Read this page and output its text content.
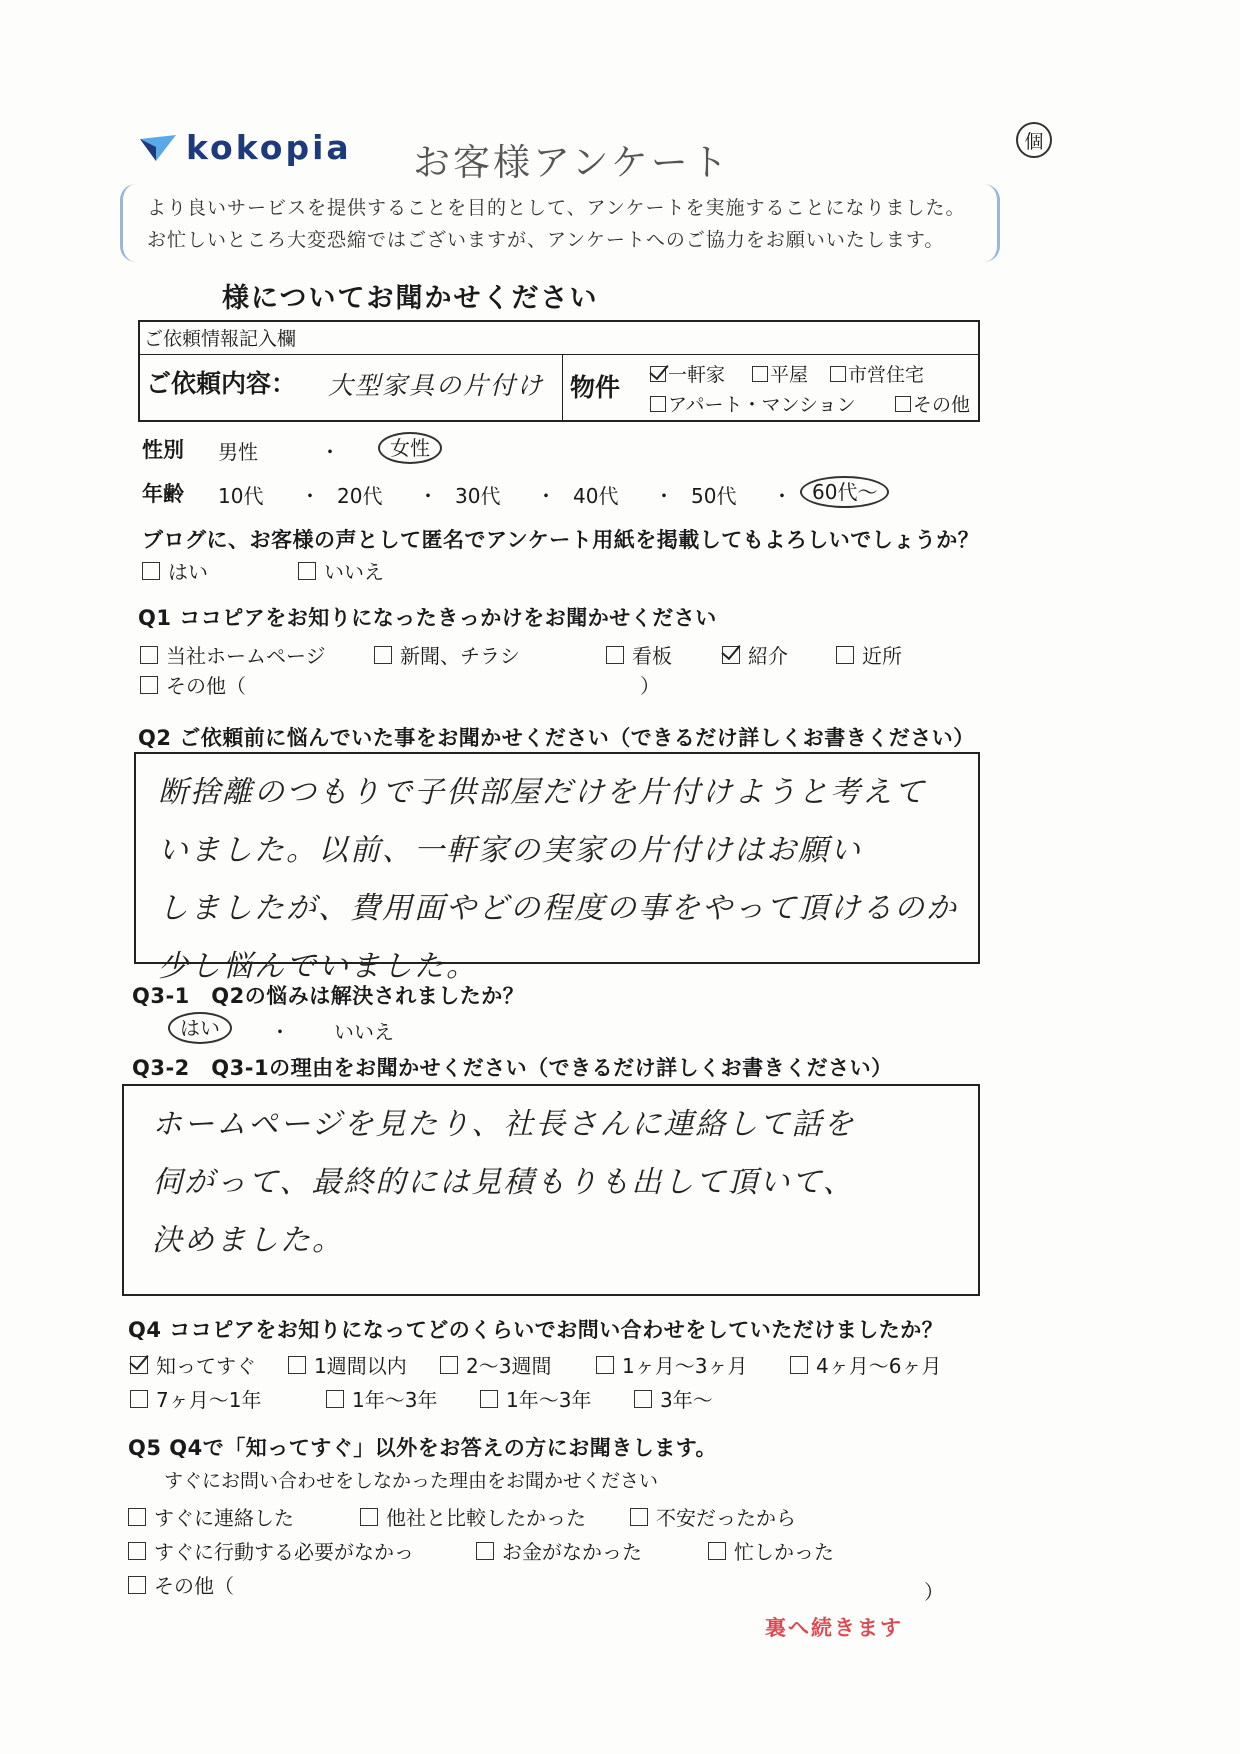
kokopia お客様アンケート	個
より良いサービスを提供することを目的として、アンケートを実施することになりました。
お忙しいところ大変恐縮ではございますが、アンケートへのご協力をお願いいたします。
様についてお聞かせください
ご依頼情報記入欄
ご依頼内容： 大型家具の片付け 物件	一軒家	平屋	市営住宅
アパート・マンション	その他
性別 男性	・	女性
年齢 10代 ・ 20代 ・ 30代 ・ 40代 ・ 50代 ・	60代〜
ブログに、お客様の声として匿名でアンケート用紙を掲載してもよろしいでしょうか？
はい	いいえ
Q1 ココピアをお知りになったきっかけをお聞かせください
当社ホームページ	新聞、チラシ	看板	紹介	近所
その他（	）
Q2 ご依頼前に悩んでいた事をお聞かせください（できるだけ詳しくお書きください）
断捨離のつもりで子供部屋だけを片付けようと考えて
いました。以前、一軒家の実家の片付けはお願い
しましたが、費用面やどの程度の事をやって頂けるのか
少し悩んでいました。
Q3-1　Q2の悩みは解決されましたか？
はい	・ いいえ
Q3-2　Q3-1の理由をお聞かせください（できるだけ詳しくお書きください）
ホームページを見たり、社長さんに連絡して話を
伺がって、最終的には見積もりも出して頂いて、
決めました。
Q4 ココピアをお知りになってどのくらいでお問い合わせをしていただけましたか？
知ってすぐ	1週間以内	2〜3週間	1ヶ月〜3ヶ月	4ヶ月〜6ヶ月
7ヶ月〜1年	1年〜3年	1年〜3年	3年〜
Q5 Q4で「知ってすぐ」以外をお答えの方にお聞きします。
すぐにお問い合わせをしなかった理由をお聞かせください
すぐに連絡した	他社と比較したかった	不安だったから
すぐに行動する必要がなかっ	お金がなかった	忙しかった
その他（	）
裏へ続きます
